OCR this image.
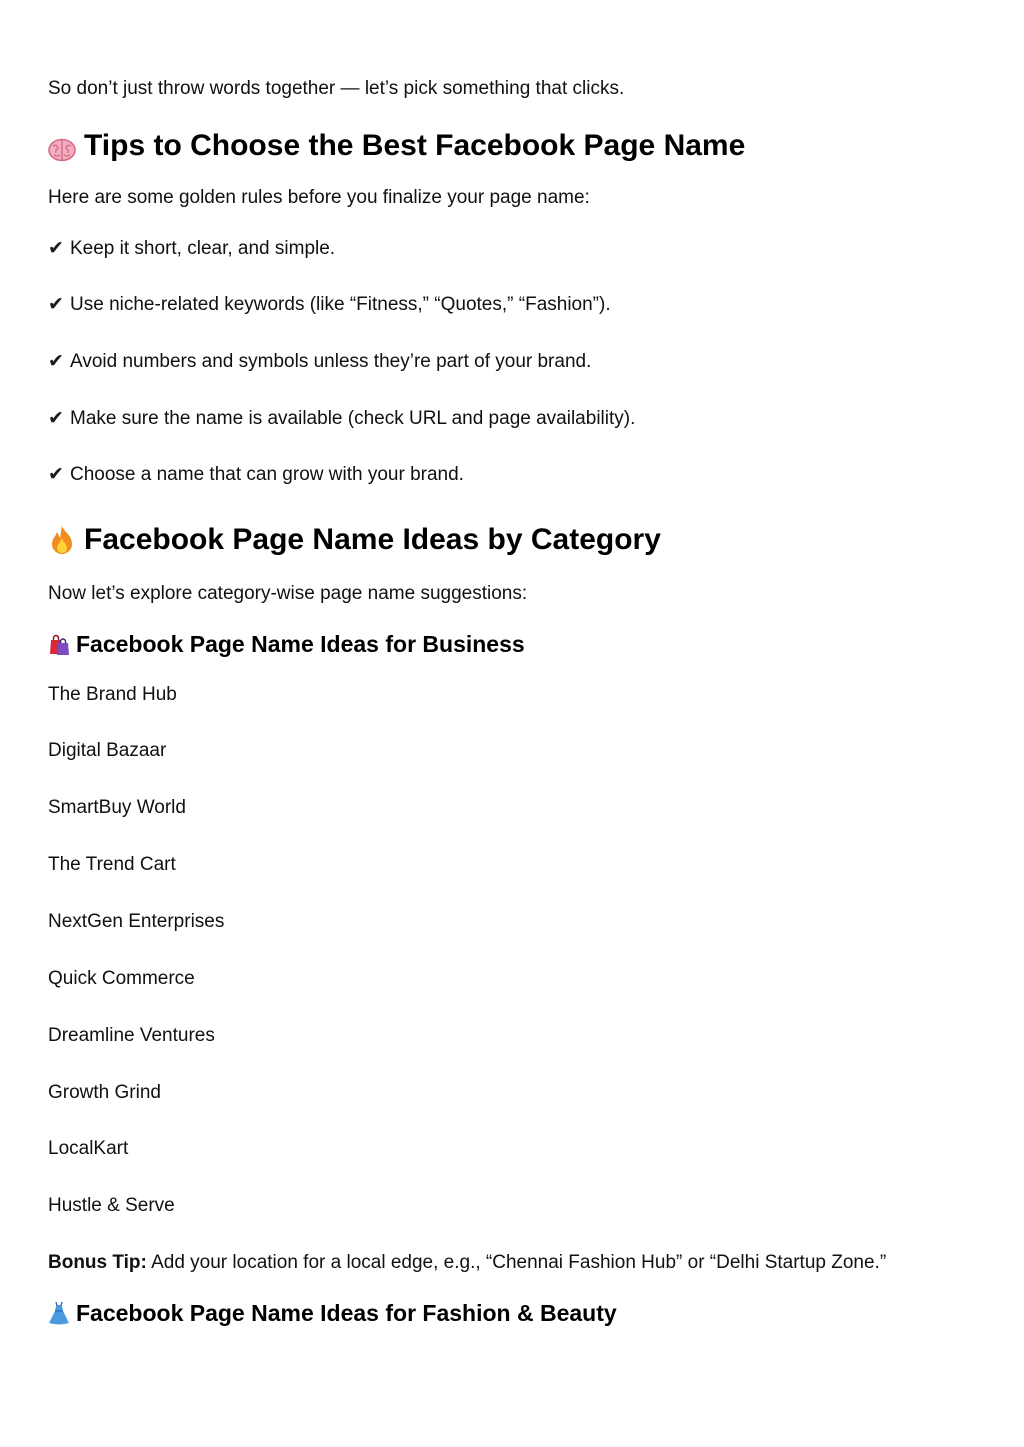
So don’t just throw words together — let’s pick something that clicks.
Tips to Choose the Best Facebook Page Name
Here are some golden rules before you finalize your page name:
✔ Keep it short, clear, and simple.
✔ Use niche-related keywords (like “Fitness,” “Quotes,” “Fashion”).
✔ Avoid numbers and symbols unless they’re part of your brand.
✔ Make sure the name is available (check URL and page availability).
✔ Choose a name that can grow with your brand.
Facebook Page Name Ideas by Category
Now let’s explore category-wise page name suggestions:
Facebook Page Name Ideas for Business
The Brand Hub
Digital Bazaar
SmartBuy World
The Trend Cart
NextGen Enterprises
Quick Commerce
Dreamline Ventures
Growth Grind
LocalKart
Hustle & Serve
Bonus Tip: Add your location for a local edge, e.g., “Chennai Fashion Hub” or “Delhi Startup Zone.”
Facebook Page Name Ideas for Fashion & Beauty
